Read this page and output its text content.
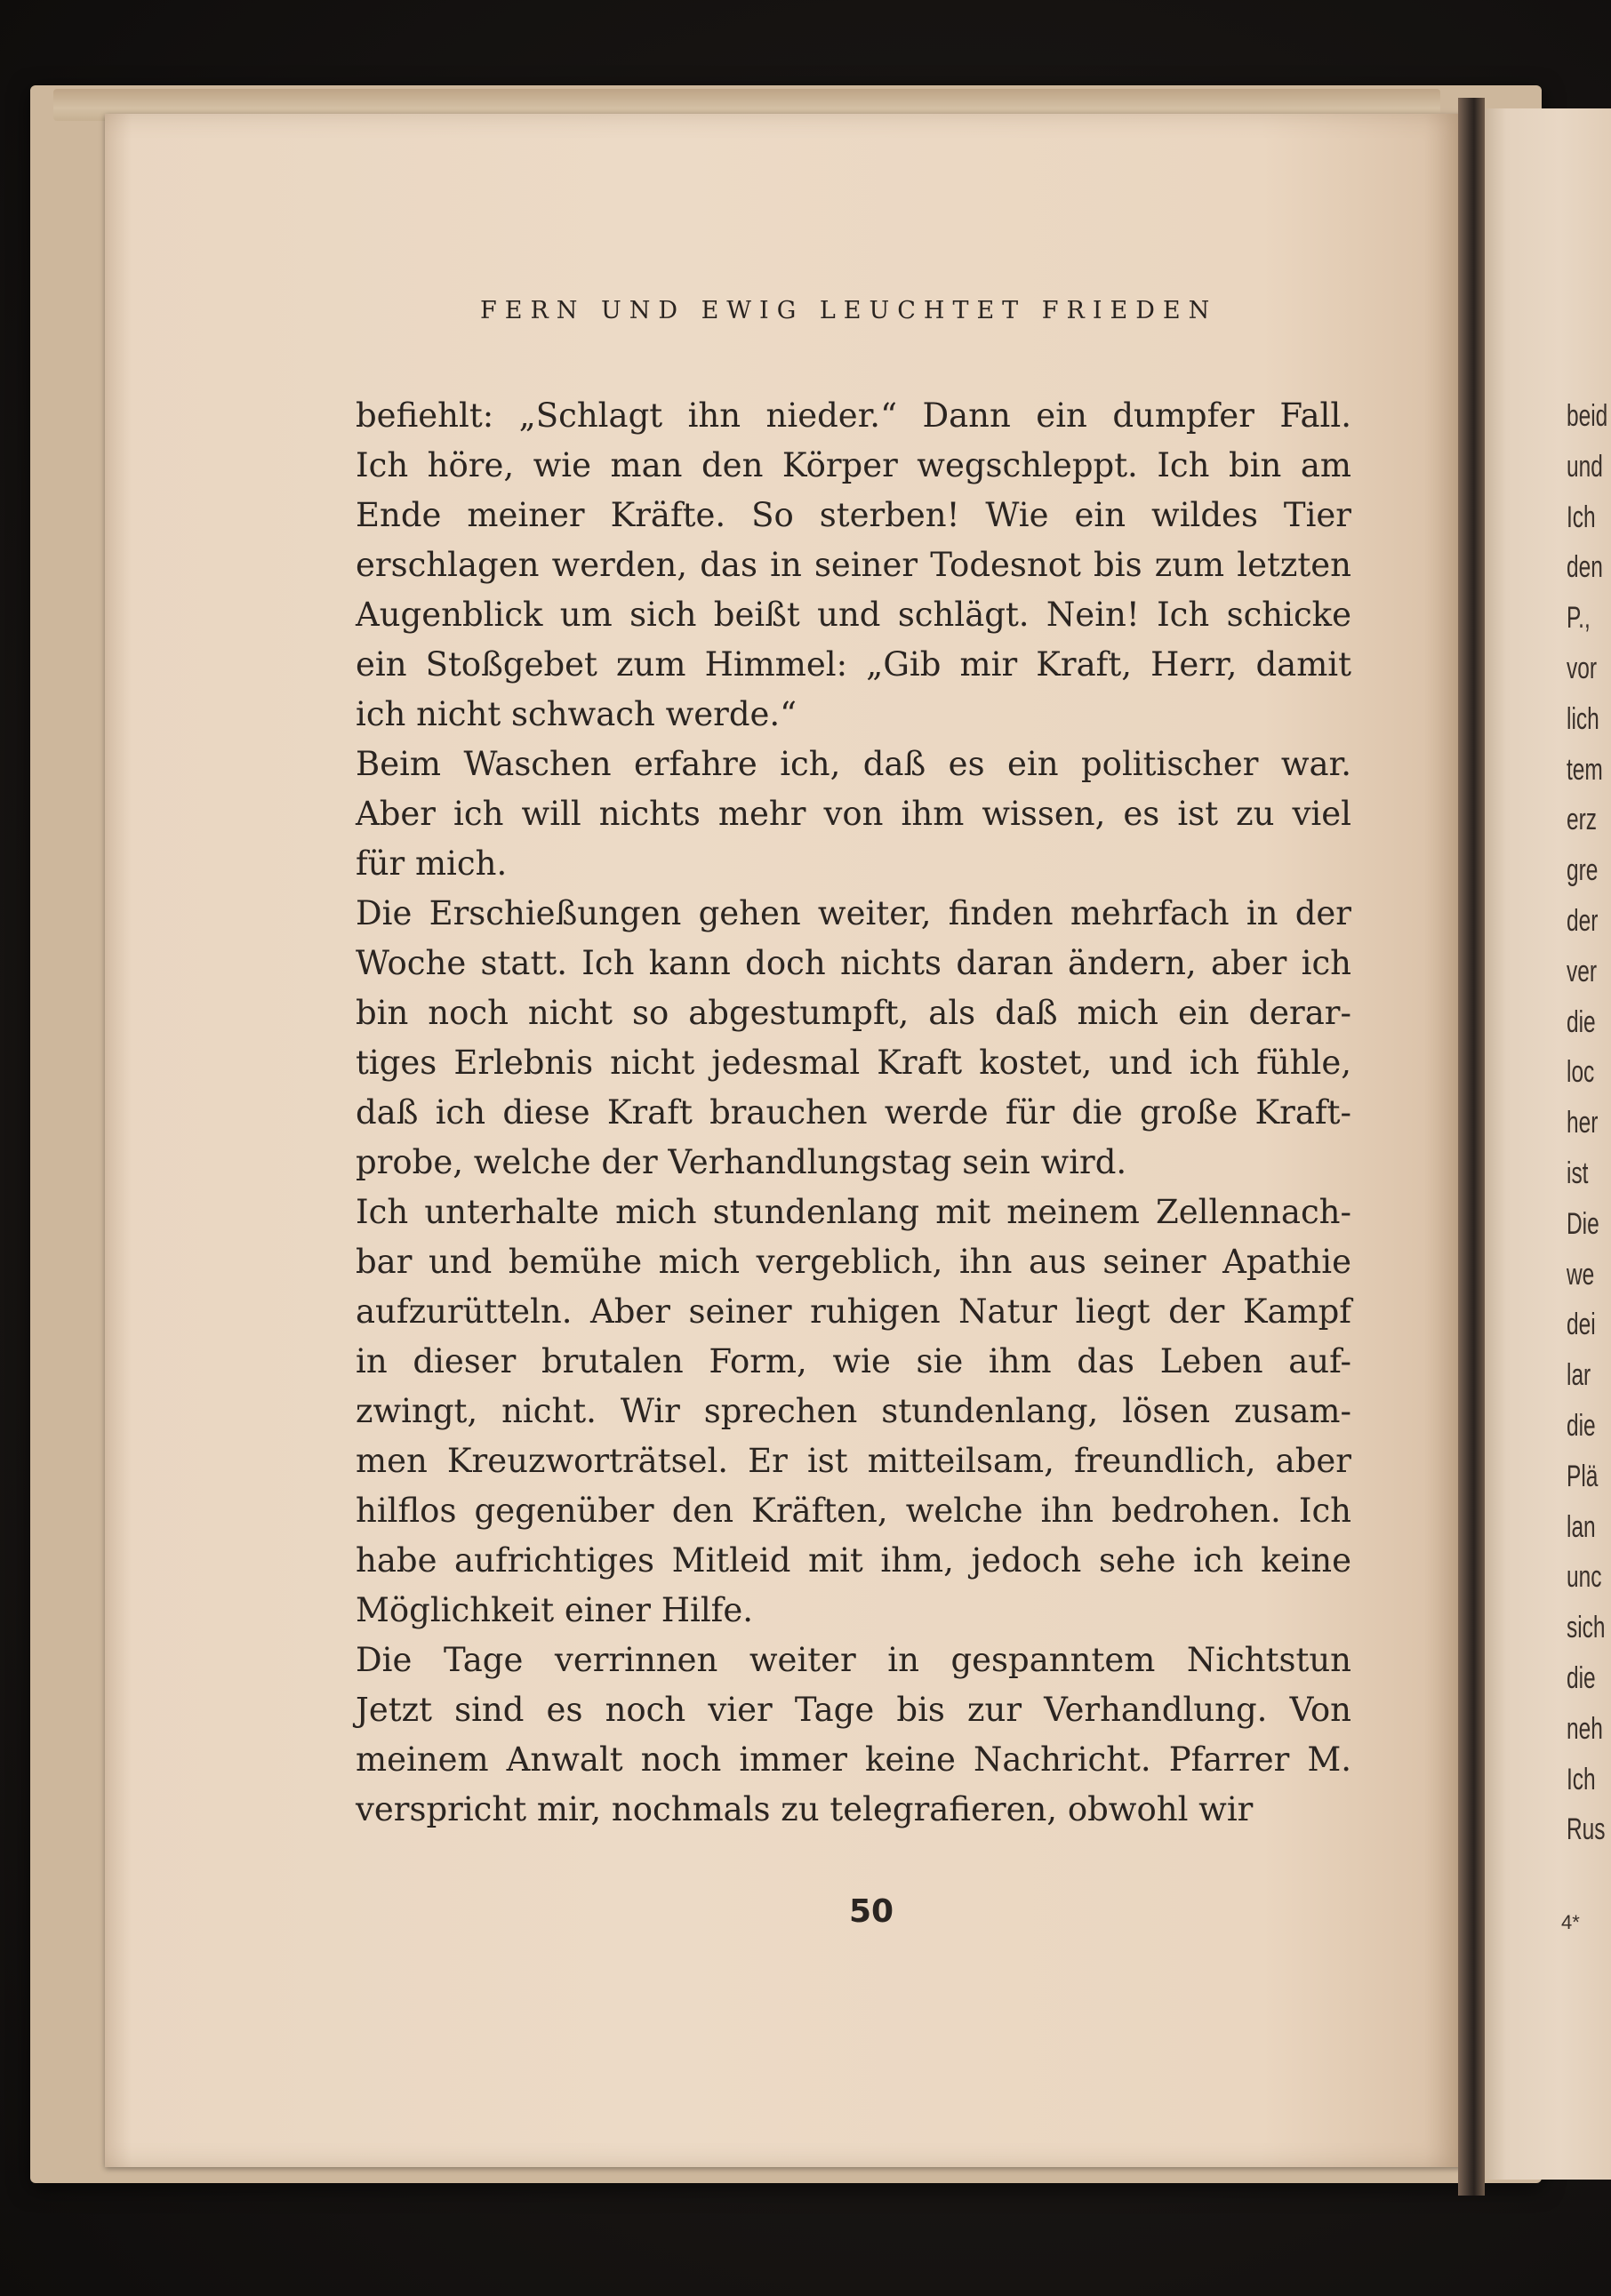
FERN UND EWIG LEUCHTET FRIEDEN
befiehlt: „Schlagt ihn nieder.“ Dann ein dumpfer Fall.
Ich höre, wie man den Körper wegschleppt. Ich bin am
Ende meiner Kräfte. So sterben! Wie ein wildes Tier
erschlagen werden, das in seiner Todesnot bis zum letzten
Augenblick um sich beißt und schlägt. Nein! Ich schicke
ein Stoßgebet zum Himmel: „Gib mir Kraft, Herr, damit
ich nicht schwach werde.“
Beim Waschen erfahre ich, daß es ein politischer war.
Aber ich will nichts mehr von ihm wissen, es ist zu viel
für mich.
Die Erschießungen gehen weiter, finden mehrfach in der
Woche statt. Ich kann doch nichts daran ändern, aber ich
bin noch nicht so abgestumpft, als daß mich ein derar-
tiges Erlebnis nicht jedesmal Kraft kostet, und ich fühle,
daß ich diese Kraft brauchen werde für die große Kraft-
probe, welche der Verhandlungstag sein wird.
Ich unterhalte mich stundenlang mit meinem Zellennach-
bar und bemühe mich vergeblich, ihn aus seiner Apathie
aufzurütteln. Aber seiner ruhigen Natur liegt der Kampf
in dieser brutalen Form, wie sie ihm das Leben auf-
zwingt, nicht. Wir sprechen stundenlang, lösen zusam-
men Kreuzworträtsel. Er ist mitteilsam, freundlich, aber
hilflos gegenüber den Kräften, welche ihn bedrohen. Ich
habe aufrichtiges Mitleid mit ihm, jedoch sehe ich keine
Möglichkeit einer Hilfe.
Die Tage verrinnen weiter in gespanntem Nichtstun
Jetzt sind es noch vier Tage bis zur Verhandlung. Von
meinem Anwalt noch immer keine Nachricht. Pfarrer M.
verspricht mir, nochmals zu telegrafieren, obwohl wir
50
beid
und
Ich
den
P.,
vor
lich
tem
erz
gre
der
ver
die
loc
her
ist
Die
we
dei
lar
die
Plä
lan
unc
sich
die
neh
Ich
Rus
4*
